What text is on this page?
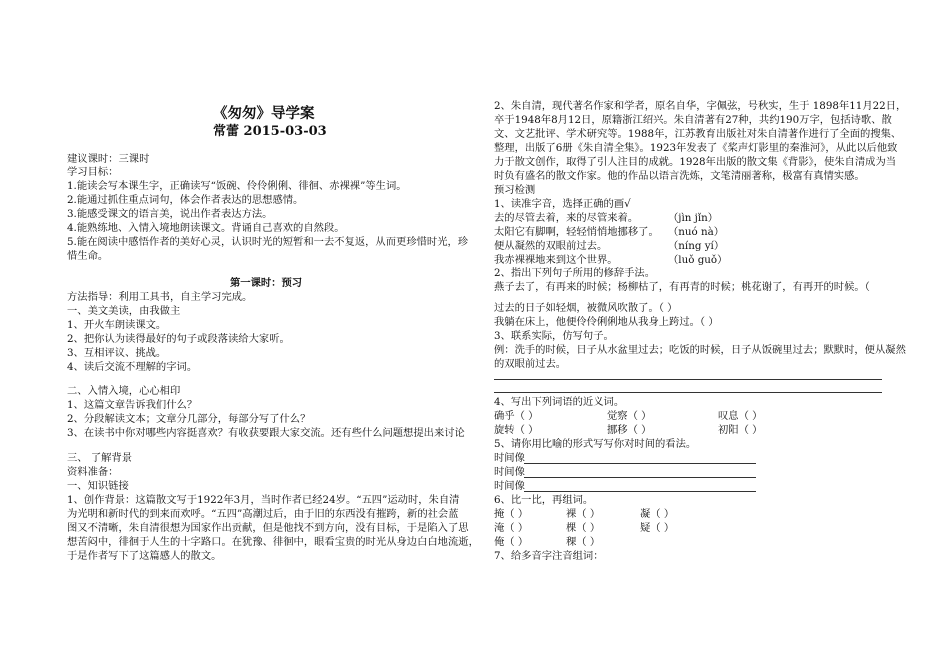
《匆匆》导学案
常蕾 2015-03-03
建议课时：三课时
学习目标：
1.能读会写本课生字，正确读写“饭碗、伶伶俐俐、徘徊、赤裸裸”等生词。
2.能通过抓住重点词句，体会作者表达的思想感情。
3.能感受课文的语言美，说出作者表达方法。
4.能熟练地、入情入境地朗读课文。背诵自己喜欢的自然段。
5.能在阅读中感悟作者的美好心灵，认识时光的短暂和一去不复返，从而更珍惜时光，珍
惜生命。
第一课时：预习
方法指导：利用工具书，自主学习完成。
一、美文美读，由我做主
1、开火车朗读课文。
2、把你认为读得最好的句子或段落读给大家听。
3、互相评议、挑战。
4、读后交流不理解的字词。
二、入情入境，心心相印
1、这篇文章告诉我们什么？
2、分段解读文本；文章分几部分，每部分写了什么？
3、在读书中你对哪些内容挺喜欢？有收获要跟大家交流。还有些什么问题想提出来讨论
三、 了解背景
资料准备：
一、知识链接
1、创作背景：这篇散文写于1922年3月，当时作者已经24岁。“五四”运动时，朱自清
为光明和新时代的到来而欢呼。“五四”高潮过后，由于旧的东西没有摧跨，新的社会蓝
图又不清晰，朱自清很想为国家作出贡献，但是他找不到方向，没有目标，于是陷入了思
想苦闷中，徘徊于人生的十字路口。在犹豫、徘徊中，眼看宝贵的时光从身边白白地流逝，
于是作者写下了这篇感人的散文。
2、朱自清，现代著名作家和学者，原名自华，字佩弦，号秋实，生于 1898年11月22日，
卒于1948年8月12日，原籍浙江绍兴。朱自清著有27种，共约190万字，包括诗歌、散
文、文艺批评、学术研究等。1988年，江苏教育出版社对朱自清著作进行了全面的搜集、
整理，出版了6册《朱自清全集》。1923年发表了《桨声灯影里的秦淮河》，从此以后他致
力于散文创作，取得了引人注目的成就。1928年出版的散文集《背影》，使朱自清成为当
时负有盛名的散文作家。他的作品以语言洗炼，文笔清丽著称，极富有真情实感。
预习检测
1、读准字音，选择正确的画√
去的尽管去着，来的尽管来着。	（jìn jǐn）
太阳它有脚啊，轻轻悄悄地挪移了。 （nuó nà）
便从凝然的双眼前过去。	（níng yí）
我赤裸裸地来到这个世界。	（luǒ guǒ）
2、指出下列句子所用的修辞手法。
燕子去了，有再来的时候；杨柳枯了，有再青的时候；桃花谢了，有再开的时候。（
过去的日子如轻烟，被微风吹散了。（ ）
我躺在床上，他便伶伶俐俐地从我身上跨过。（ ）
3、联系实际，仿写句子。
例：洗手的时候，日子从水盆里过去；吃饭的时候，日子从饭碗里过去；默默时，便从凝然
的双眼前过去。
4、写出下列词语的近义词。
确乎（ ）	觉察（ ）	叹息（ ）
旋转（ ）	挪移（ ）	初阳（ ）
5、请你用比喻的形式写写你对时间的看法。
时间像
时间像
时间像
6、比一比，再组词。
掩（ ）	裸（ ）	凝（ ）
淹（ ）	棵（ ）	疑（ ）
俺（ ）	稞（ ）
7、给多音字注音组词：
